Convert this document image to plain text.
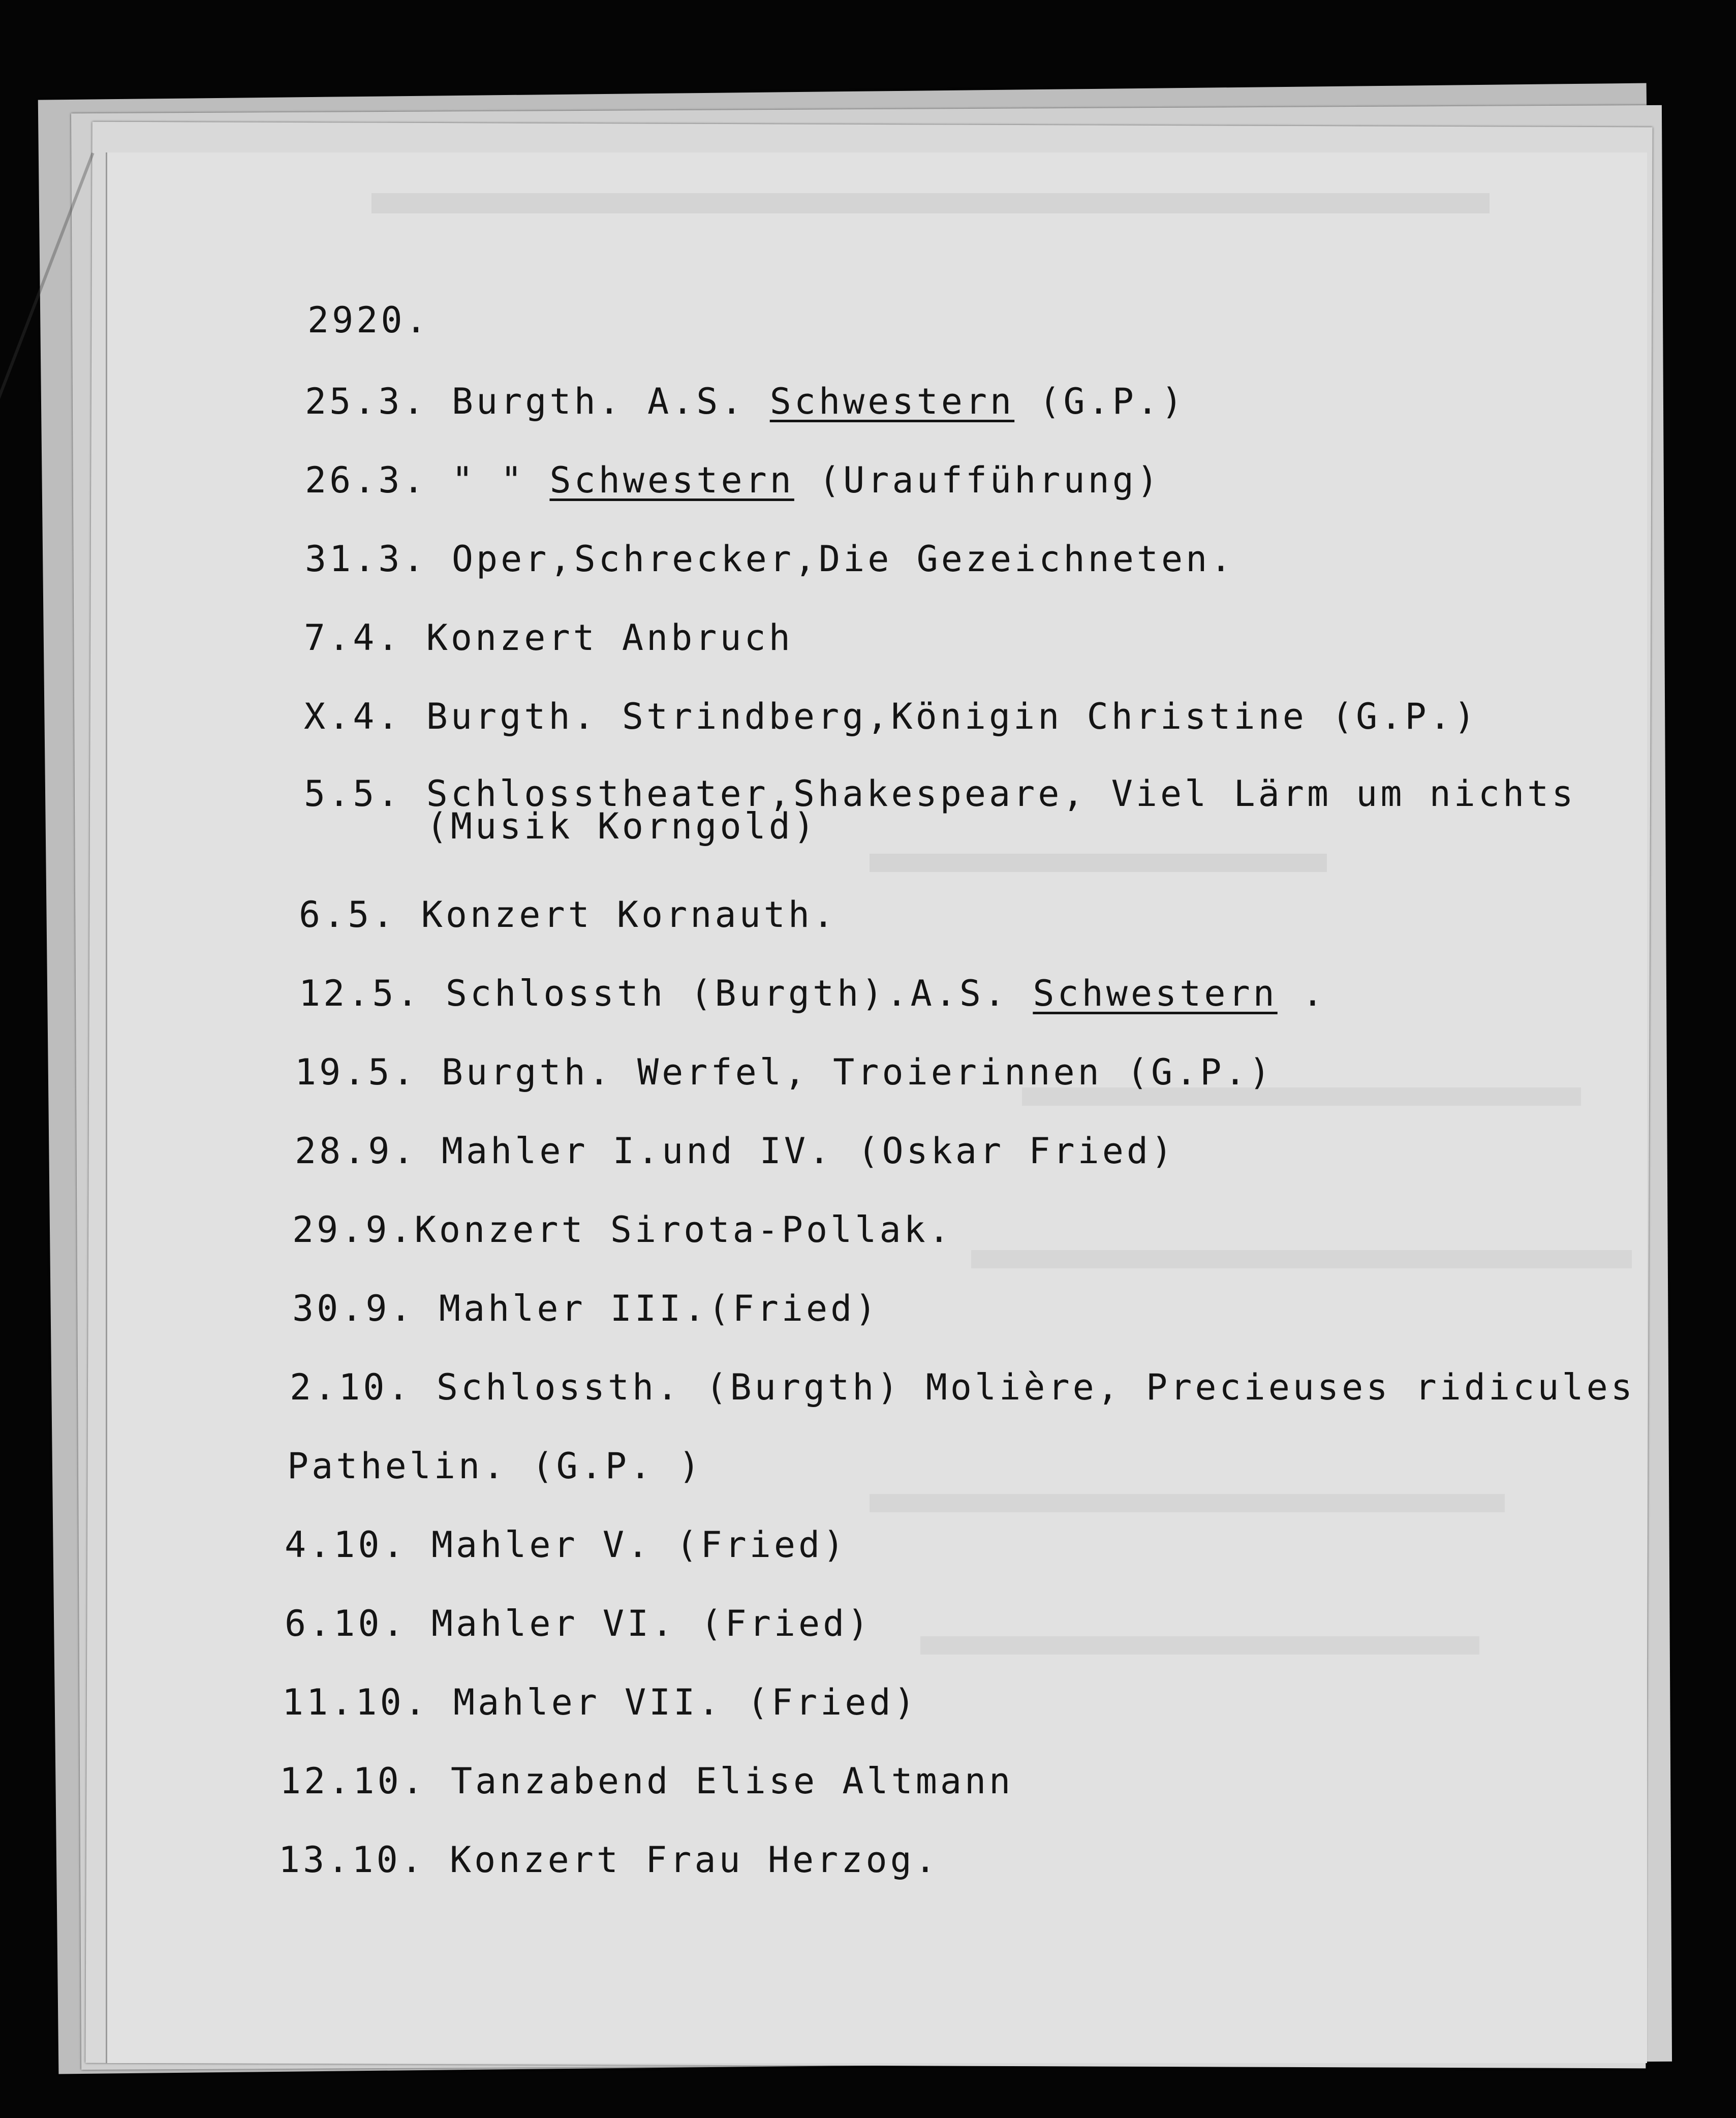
2920.
25.3. Burgth. A.S. Schwestern (G.P.)
26.3. " " Schwestern (Uraufführung)
31.3. Oper,Schrecker,Die Gezeichneten.
7.4. Konzert Anbruch
X.4. Burgth. Strindberg,Königin Christine (G.P.)
5.5. Schlosstheater,Shakespeare, Viel Lärm um nichts
(Musik Korngold)
6.5. Konzert Kornauth.
12.5. Schlossth (Burgth).A.S. Schwestern .
19.5. Burgth. Werfel, Troierinnen (G.P.)
28.9. Mahler I.und IV. (Oskar Fried)
29.9.Konzert Sirota-Pollak.
30.9. Mahler III.(Fried)
2.10. Schlossth. (Burgth) Molière, Precieuses ridicules
Pathelin. (G.P. )
4.10. Mahler V. (Fried)
6.10. Mahler VI. (Fried)
11.10. Mahler VII. (Fried)
12.10. Tanzabend Elise Altmann
13.10. Konzert Frau Herzog.
